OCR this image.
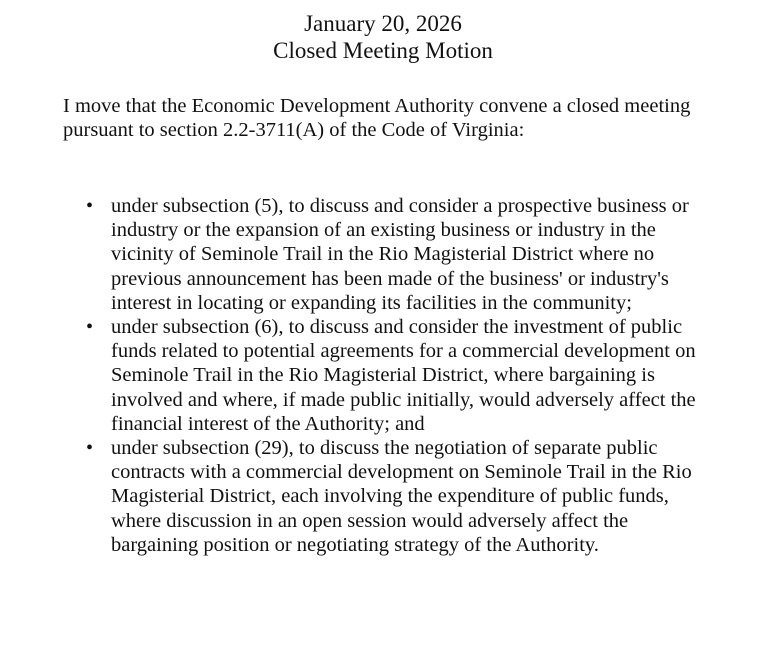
January 20, 2026
Closed Meeting Motion

I move that the Economic Development Authority convene a closed meeting pursuant to section 2.2-3711(A) of the Code of Virginia:

• under subsection (5), to discuss and consider a prospective business or industry or the expansion of an existing business or industry in the vicinity of Seminole Trail in the Rio Magisterial District where no previous announcement has been made of the business' or industry's interest in locating or expanding its facilities in the community;
• under subsection (6), to discuss and consider the investment of public funds related to potential agreements for a commercial development on Seminole Trail in the Rio Magisterial District, where bargaining is involved and where, if made public initially, would adversely affect the financial interest of the Authority; and
• under subsection (29), to discuss the negotiation of separate public contracts with a commercial development on Seminole Trail in the Rio Magisterial District, each involving the expenditure of public funds, where discussion in an open session would adversely affect the bargaining position or negotiating strategy of the Authority.
